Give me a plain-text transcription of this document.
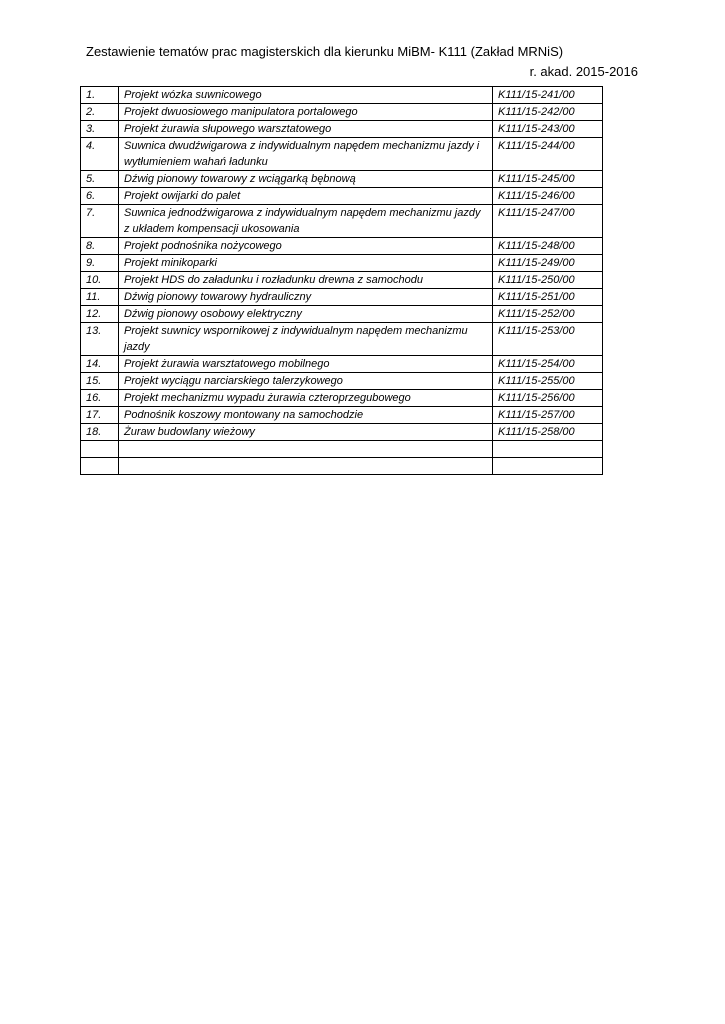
Zestawienie tematów prac magisterskich dla kierunku MiBM- K111 (Zakład MRNiS)
r. akad. 2015-2016
1.	Projekt wózka suwnicowego	K111/15-241/00
2.	Projekt dwuosiowego manipulatora portalowego	K111/15-242/00
3.	Projekt żurawia słupowego warsztatowego	K111/15-243/00
4.	Suwnica dwudźwigarowa z indywidualnym napędem mechanizmu jazdy i wytłumieniem wahań ładunku	K111/15-244/00
5.	Dźwig pionowy towarowy z wciągarką bębnową	K111/15-245/00
6.	Projekt owijarki do palet	K111/15-246/00
7.	Suwnica jednodźwigarowa z indywidualnym napędem mechanizmu jazdy z układem kompensacji ukosowania	K111/15-247/00
8.	Projekt podnośnika nożycowego	K111/15-248/00
9.	Projekt minikoparki	K111/15-249/00
10.	Projekt HDS do załadunku i rozładunku drewna z samochodu	K111/15-250/00
11.	Dźwig pionowy towarowy hydrauliczny	K111/15-251/00
12.	Dźwig pionowy osobowy elektryczny	K111/15-252/00
13.	Projekt suwnicy wspornikowej z indywidualnym napędem mechanizmu jazdy	K111/15-253/00
14.	Projekt żurawia warsztatowego mobilnego	K111/15-254/00
15.	Projekt wyciągu narciarskiego talerzykowego	K111/15-255/00
16.	Projekt mechanizmu wypadu żurawia czteroprzegubowego	K111/15-256/00
17.	Podnośnik koszowy montowany na samochodzie	K111/15-257/00
18.	Żuraw budowlany wieżowy	K111/15-258/00
